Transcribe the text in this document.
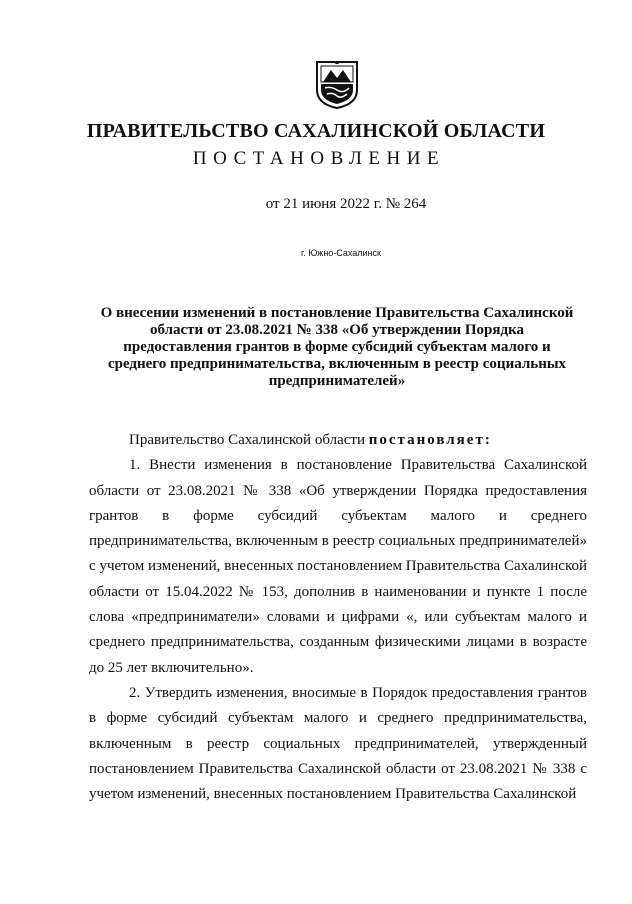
ПРАВИТЕЛЬСТВО САХАЛИНСКОЙ ОБЛАСТИ
ПОСТАНОВЛЕНИЕ
от 21 июня 2022 г. № 264
г. Южно-Сахалинск

О внесении изменений в постановление Правительства Сахалинской области от 23.08.2021 № 338 «Об утверждении Порядка предоставления грантов в форме субсидий субъектам малого и среднего предпринимательства, включенным в реестр социальных предпринимателей»

Правительство Сахалинской области постановляет:

1. Внести изменения в постановление Правительства Сахалинской области от 23.08.2021 № 338 «Об утверждении Порядка предоставления грантов в форме субсидий субъектам малого и среднего предпринимательства, включенным в реестр социальных предпринимателей» с учетом изменений, внесенных постановлением Правительства Сахалинской области от 15.04.2022 № 153, дополнив в наименовании и пункте 1 после слова «предприниматели» словами и цифрами «, или субъектам малого и среднего предпринимательства, созданным физическими лицами в возрасте до 25 лет включительно».

2. Утвердить изменения, вносимые в Порядок предоставления грантов в форме субсидий субъектам малого и среднего предпринимательства, включенным в реестр социальных предпринимателей, утвержденный постановлением Правительства Сахалинской области от 23.08.2021 № 338 с учетом изменений, внесенных постановлением Правительства Сахалинской
